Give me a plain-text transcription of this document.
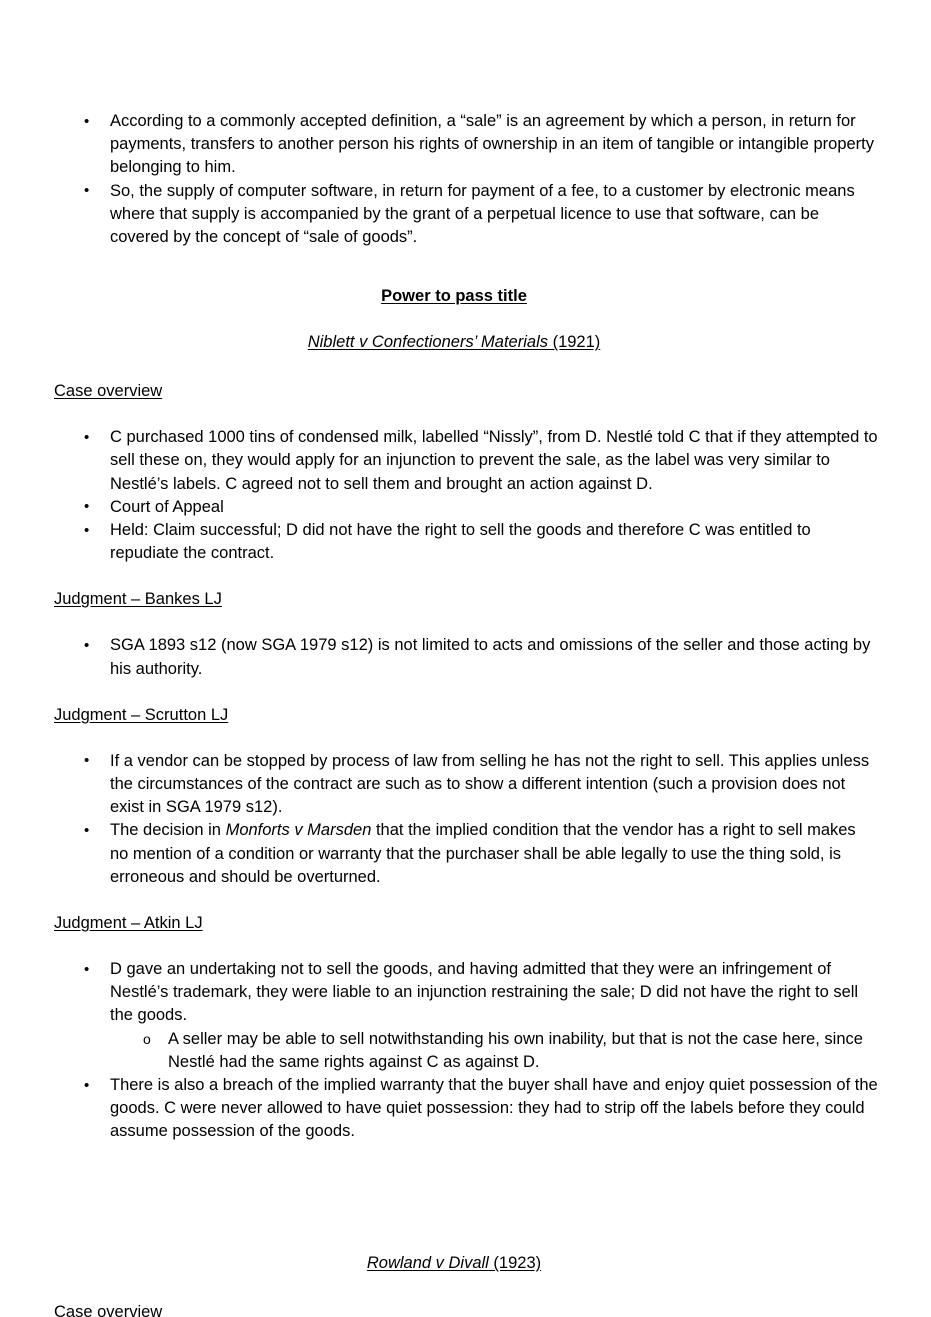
• According to a commonly accepted definition, a “sale” is an agreement by which a person, in return for payments, transfers to another person his rights of ownership in an item of tangible or intangible property belonging to him.
• So, the supply of computer software, in return for payment of a fee, to a customer by electronic means where that supply is accompanied by the grant of a perpetual licence to use that software, can be covered by the concept of “sale of goods”.

Power to pass title

Niblett v Confectioners’ Materials (1921)

Case overview

• C purchased 1000 tins of condensed milk, labelled “Nissly”, from D. Nestlé told C that if they attempted to sell these on, they would apply for an injunction to prevent the sale, as the label was very similar to Nestlé’s labels. C agreed not to sell them and brought an action against D.
• Court of Appeal
• Held: Claim successful; D did not have the right to sell the goods and therefore C was entitled to repudiate the contract.

Judgment – Bankes LJ

• SGA 1893 s12 (now SGA 1979 s12) is not limited to acts and omissions of the seller and those acting by his authority.

Judgment – Scrutton LJ

• If a vendor can be stopped by process of law from selling he has not the right to sell. This applies unless the circumstances of the contract are such as to show a different intention (such a provision does not exist in SGA 1979 s12).
• The decision in Monforts v Marsden that the implied condition that the vendor has a right to sell makes no mention of a condition or warranty that the purchaser shall be able legally to use the thing sold, is erroneous and should be overturned.

Judgment – Atkin LJ

• D gave an undertaking not to sell the goods, and having admitted that they were an infringement of Nestlé’s trademark, they were liable to an injunction restraining the sale; D did not have the right to sell the goods.
o A seller may be able to sell notwithstanding his own inability, but that is not the case here, since Nestlé had the same rights against C as against D.
• There is also a breach of the implied warranty that the buyer shall have and enjoy quiet possession of the goods. C were never allowed to have quiet possession: they had to strip off the labels before they could assume possession of the goods.

Rowland v Divall (1923)

Case overview
